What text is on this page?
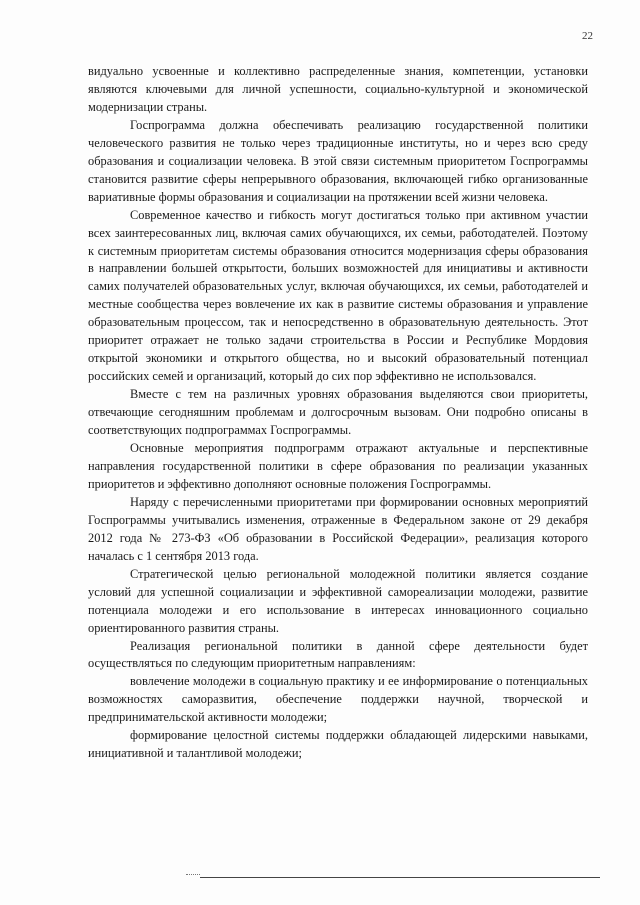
22

видуально усвоенные и коллективно распределенные знания, компетенции, установки являются ключевыми для личной успешности, социально-культурной и экономической модернизации страны.

Госпрограмма должна обеспечивать реализацию государственной политики человеческого развития не только через традиционные институты, но и через всю среду образования и социализации человека. В этой связи системным приоритетом Госпрограммы становится развитие сферы непрерывного образования, включающей гибко организованные вариативные формы образования и социализации на протяжении всей жизни человека.

Современное качество и гибкость могут достигаться только при активном участии всех заинтересованных лиц, включая самих обучающихся, их семьи, работодателей. Поэтому к системным приоритетам системы образования относится модернизация сферы образования в направлении большей открытости, больших возможностей для инициативы и активности самих получателей образовательных услуг, включая обучающихся, их семьи, работодателей и местные сообщества через вовлечение их как в развитие системы образования и управление образовательным процессом, так и непосредственно в образовательную деятельность. Этот приоритет отражает не только задачи строительства в России и Республике Мордовия открытой экономики и открытого общества, но и высокий образовательный потенциал российских семей и организаций, который до сих пор эффективно не использовался.

Вместе с тем на различных уровнях образования выделяются свои приоритеты, отвечающие сегодняшним проблемам и долгосрочным вызовам. Они подробно описаны в соответствующих подпрограммах Госпрограммы.

Основные мероприятия подпрограмм отражают актуальные и перспективные направления государственной политики в сфере образования по реализации указанных приоритетов и эффективно дополняют основные положения Госпрограммы.

Наряду с перечисленными приоритетами при формировании основных мероприятий Госпрограммы учитывались изменения, отраженные в Федеральном законе от 29 декабря 2012 года № 273-ФЗ «Об образовании в Российской Федерации», реализация которого началась с 1 сентября 2013 года.

Стратегической целью региональной молодежной политики является создание условий для успешной социализации и эффективной самореализации молодежи, развитие потенциала молодежи и его использование в интересах инновационного социально ориентированного развития страны.

Реализация региональной политики в данной сфере деятельности будет осуществляться по следующим приоритетным направлениям:

вовлечение молодежи в социальную практику и ее информирование о потенциальных возможностях саморазвития, обеспечение поддержки научной, творческой и предпринимательской активности молодежи;

формирование целостной системы поддержки обладающей лидерскими навыками, инициативной и талантливой молодежи;
